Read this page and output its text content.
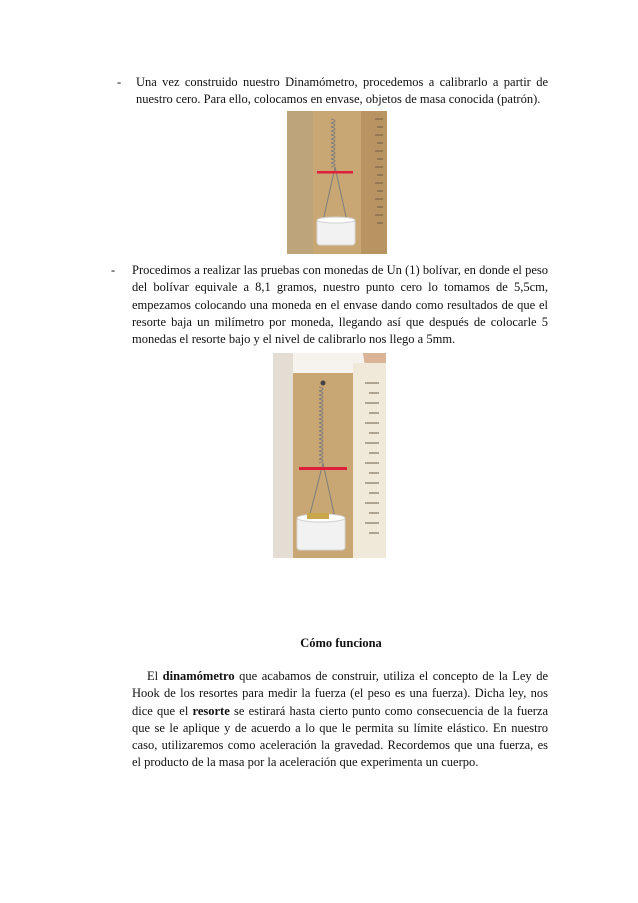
-	Una vez construido nuestro Dinamómetro, procedemos a calibrarlo a partir de nuestro cero. Para ello, colocamos en envase, objetos de masa conocida (patrón).

- Procedimos a realizar las pruebas con monedas de Un (1) bolívar, en donde el peso del bolívar equivale a 8,1 gramos, nuestro punto cero lo tomamos de 5,5cm, empezamos colocando una moneda en el envase dando como resultados de que el resorte baja un milímetro por moneda, llegando así que después de colocarle 5 monedas el resorte bajo y el nivel de calibrarlo nos llego a 5mm.

Cómo funciona

El dinamómetro que acabamos de construir, utiliza el concepto de la Ley de Hook de los resortes para medir la fuerza (el peso es una fuerza). Dicha ley, nos dice que el resorte se estirará hasta cierto punto como consecuencia de la fuerza que se le aplique y de acuerdo a lo que le permita su límite elástico. En nuestro caso, utilizaremos como aceleración la gravedad. Recordemos que una fuerza, es el producto de la masa por la aceleración que experimenta un cuerpo.
